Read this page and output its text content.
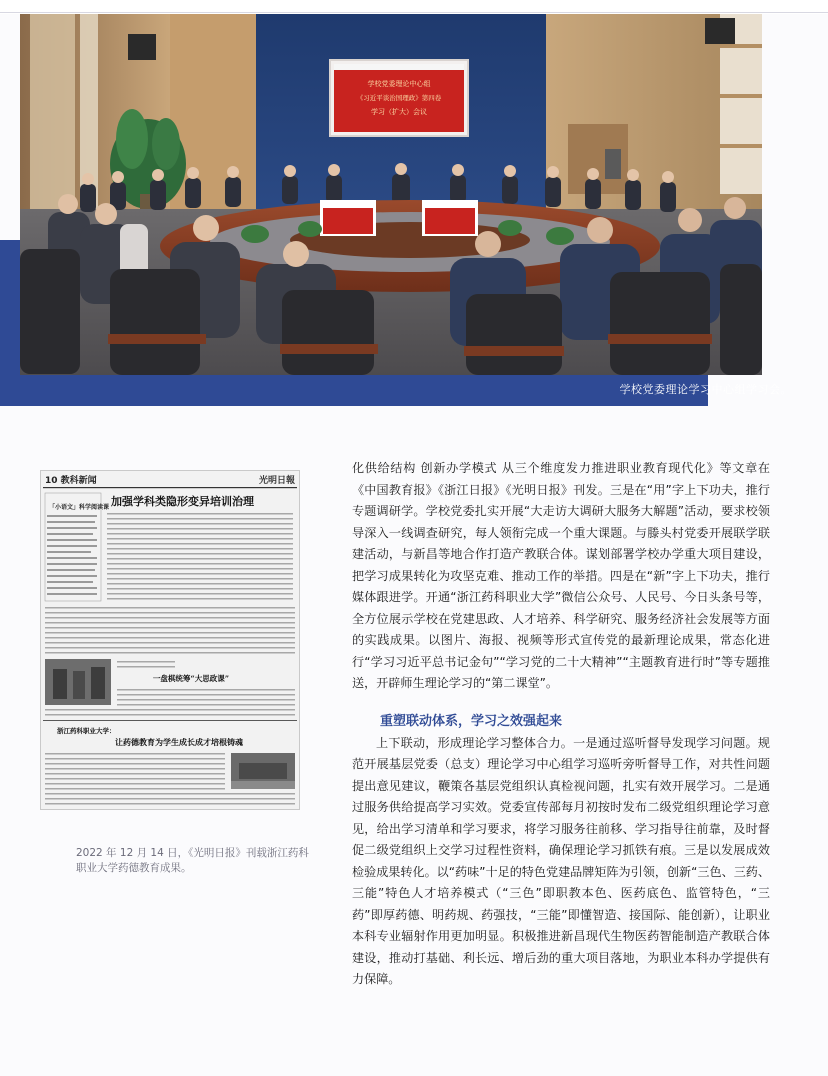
学校党委理论中心组
《习近平谈治国理政》第四卷
学习（扩大）会议
学校党委理论学习中心组学习会。
10 教科新闻	光明日報
加强学科类隐形变异培训治理
「小语文」科学阅读课
一盘棋统筹“大思政课”
浙江药科职业大学：
让药德教育为学生成长成才培根铸魂
2022 年 12 月 14 日，《光明日报》刊载浙江药科职业大学药德教育成果。

化供给结构 创新办学模式 从三个维度发力推进职业教育现代化》等文章在《中国教育报》《浙江日报》《光明日报》刊发。三是在“用”字上下功夫，推行专题调研学。学校党委扎实开展“大走访大调研大服务大解题”活动，要求校领导深入一线调查研究，每人领衔完成一个重大课题。与滕头村党委开展联学联建活动，与新昌等地合作打造产教联合体。谋划部署学校办学重大项目建设，把学习成果转化为攻坚克难、推动工作的举措。四是在“新”字上下功夫，推行媒体跟进学。开通“浙江药科职业大学”微信公众号、人民号、今日头条号等，全方位展示学校在党建思政、人才培养、科学研究、服务经济社会发展等方面的实践成果。以图片、海报、视频等形式宣传党的最新理论成果，常态化进行“学习习近平总书记金句”“学习党的二十大精神”“主题教育进行时”等专题推送，开辟师生理论学习的“第二课堂”。

重塑联动体系，学习之效强起来

上下联动，形成理论学习整体合力。一是通过巡听督导发现学习问题。规范开展基层党委（总支）理论学习中心组学习巡听旁听督导工作，对共性问题提出意见建议，鞭策各基层党组织认真检视问题，扎实有效开展学习。二是通过服务供给提高学习实效。党委宣传部每月初按时发布二级党组织理论学习意见，给出学习清单和学习要求，将学习服务往前移、学习指导往前靠，及时督促二级党组织上交学习过程性资料，确保理论学习抓铁有痕。三是以发展成效检验成果转化。以“药味”十足的特色党建品牌矩阵为引领，创新“三色、三药、三能”特色人才培养模式（“三色”即职教本色、医药底色、监管特色，“三药”即厚药德、明药规、药强技，“三能”即懂智造、接国际、能创新），让职业本科专业辐射作用更加明显。积极推进新昌现代生物医药智能制造产教联合体建设，推动打基础、利长远、增后劲的重大项目落地，为职业本科办学提供有力保障。
